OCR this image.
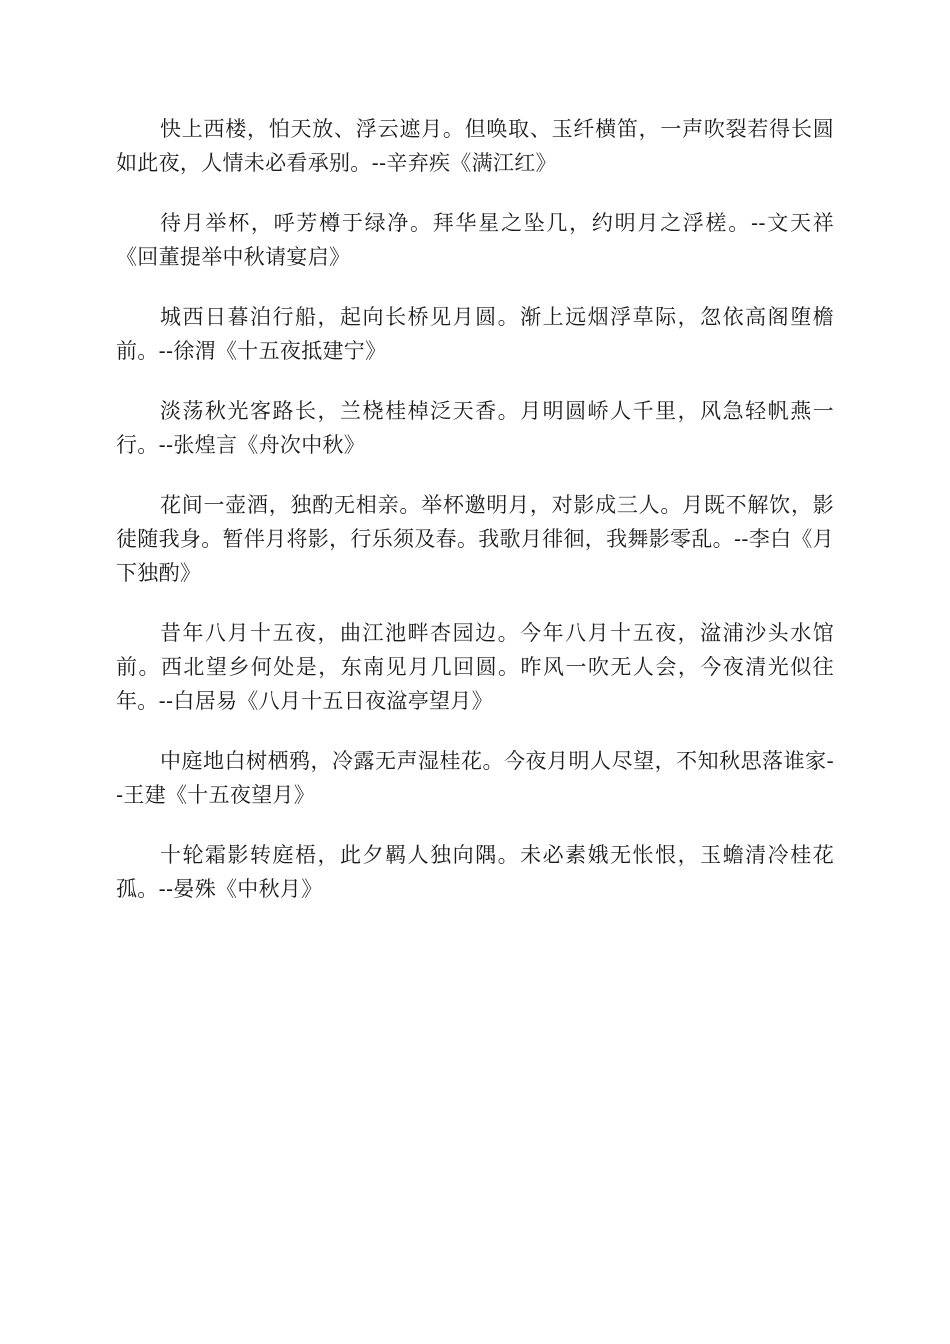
快上西楼，怕天放、浮云遮月。但唤取、玉纤横笛，一声吹裂若得长圆如此夜，人情未必看承别。--辛弃疾《满江红》

待月举杯，呼芳樽于绿净。拜华星之坠几，约明月之浮槎。--文天祥《回董提举中秋请宴启》

城西日暮泊行船，起向长桥见月圆。渐上远烟浮草际，忽依高阁堕檐前。--徐渭《十五夜抵建宁》

淡荡秋光客路长，兰桡桂棹泛天香。月明圆峤人千里，风急轻帆燕一行。--张煌言《舟次中秋》

花间一壶酒，独酌无相亲。举杯邀明月，对影成三人。月既不解饮，影徒随我身。暂伴月将影，行乐须及春。我歌月徘徊，我舞影零乱。--李白《月下独酌》

昔年八月十五夜，曲江池畔杏园边。今年八月十五夜，湓浦沙头水馆前。西北望乡何处是，东南见月几回圆。昨风一吹无人会，今夜清光似往年。--白居易《八月十五日夜湓亭望月》

中庭地白树栖鸦，冷露无声湿桂花。今夜月明人尽望，不知秋思落谁家--王建《十五夜望月》

十轮霜影转庭梧，此夕羁人独向隅。未必素娥无怅恨，玉蟾清冷桂花孤。--晏殊《中秋月》
